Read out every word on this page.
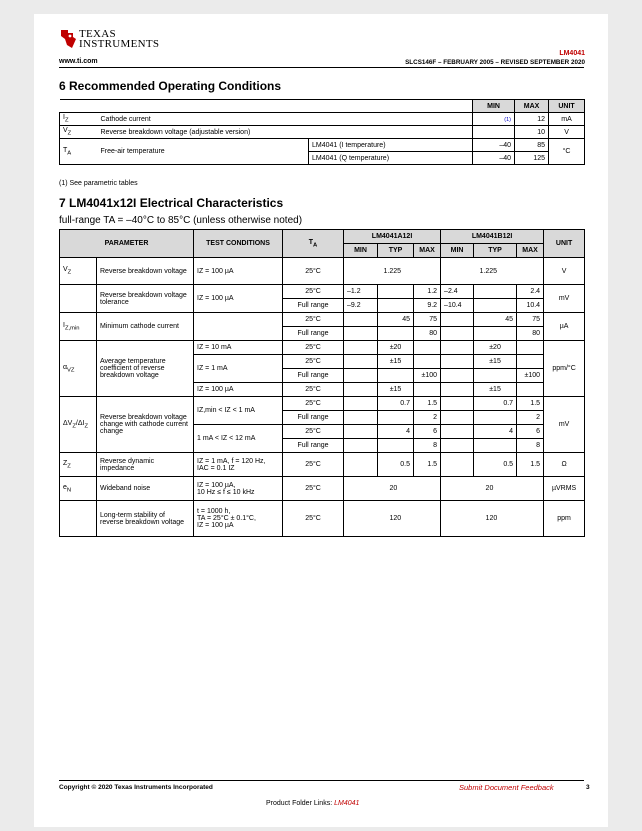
TEXAS
INSTRUMENTS
www.ti.com
LM4041
SLCS146F – FEBRUARY 2005 – REVISED SEPTEMBER 2020
6 Recommended Operating Conditions
			MIN	MAX	UNIT
$I_Z$	Cathode current		(1)	12	mA
$V_Z$	Reverse breakdown voltage (adjustable version)			10	V
$T_A$	Free-air temperature	LM4041 (I temperature)	–40	85	°C
		LM4041 (Q temperature)	–40	125	
(1) See parametric tables
7 LM4041x12I Electrical Characteristics
full-range TA = –40°C to 85°C (unless otherwise noted)
PARAMETER		TEST CONDITIONS	$T_A$	LM4041A12I			LM4041B12I			UNIT
				MIN	TYP	MAX	MIN	TYP	MAX	
$V_Z$	Reverse breakdown voltage	IZ = 100 µA	25°C		1.225			1.225		V
	Reverse breakdown voltage tolerance	IZ = 100 µA	25°C	–1.2		1.2	–2.4		2.4	mV
			Full range	–9.2		9.2	–10.4		10.4	
$I_{Z,min}$	Minimum cathode current		25°C		45	75		45	75	µA
			Full range			80			80	
$\alpha_{VZ}$	Average temperature coefficient of reverse breakdown voltage	IZ = 10 mA	25°C		±20			±20		ppm/°C
		IZ = 1 mA	25°C		±15			±15		
			Full range			±100			±100	
		IZ = 100 µA	25°C		±15			±15		
$\Delta V_Z/\Delta I_Z$	Reverse breakdown voltage change with cathode current change	IZ,min < IZ < 1 mA	25°C		0.7	1.5		0.7	1.5	mV
			Full range			2			2	
		1 mA < IZ < 12 mA	25°C		4	6		4	6	
			Full range			8			8	
$Z_Z$	Reverse dynamic impedance	IZ = 1 mA, f = 120 Hz,
IAC = 0.1 IZ	25°C		0.5	1.5		0.5	1.5	Ω
$e_N$	Wideband noise	IZ = 100 µA,
10 Hz ≤ f ≤ 10 kHz	25°C		20			20		µVRMS
	Long-term stability of reverse breakdown voltage	t = 1000 h,
TA = 25°C ± 0.1°C,
IZ = 100 µA	25°C		120			120		ppm
Copyright © 2020 Texas Instruments Incorporated	Submit Document Feedback	3
Product Folder Links: LM4041
